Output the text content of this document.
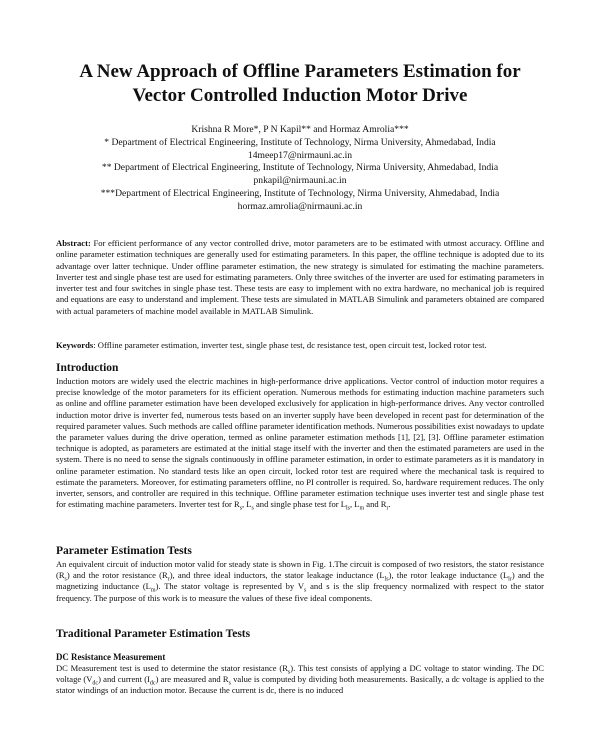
A New Approach of Offline Parameters Estimation for
Vector Controlled Induction Motor Drive
Krishna R More*, P N Kapil** and Hormaz Amrolia***
* Department of Electrical Engineering, Institute of Technology, Nirma University, Ahmedabad, India
14meep17@nirmauni.ac.in
** Department of Electrical Engineering, Institute of Technology, Nirma University, Ahmedabad, India
pnkapil@nirmauni.ac.in
***Department of Electrical Engineering, Institute of Technology, Nirma University, Ahmedabad, India
hormaz.amrolia@nirmauni.ac.in
Abstract: For efficient performance of any vector controlled drive, motor parameters are to be estimated with utmost accuracy. Offline and online parameter estimation techniques are generally used for estimating parameters. In this paper, the offline technique is adopted due to its advantage over latter technique. Under offline parameter estimation, the new strategy is simulated for estimating the machine parameters. Inverter test and single phase test are used for estimating parameters. Only three switches of the inverter are used for estimating parameters in inverter test and four switches in single phase test. These tests are easy to implement with no extra hardware, no mechanical job is required and equations are easy to understand and implement. These tests are simulated in MATLAB Simulink and parameters obtained are compared with actual parameters of machine model available in MATLAB Simulink.
Keywords: Offline parameter estimation, inverter test, single phase test, dc resistance test, open circuit test, locked rotor test.
Introduction
Induction motors are widely used the electric machines in high-performance drive applications. Vector control of induction motor requires a precise knowledge of the motor parameters for its efficient operation. Numerous methods for estimating induction machine parameters such as online and offline parameter estimation have been developed exclusively for application in high-performance drives. Any vector controlled induction motor drive is inverter fed, numerous tests based on an inverter supply have been developed in recent past for determination of the required parameter values. Such methods are called offline parameter identification methods. Numerous possibilities exist nowadays to update the parameter values during the drive operation, termed as online parameter estimation methods [1], [2], [3]. Offline parameter estimation technique is adopted, as parameters are estimated at the initial stage itself with the inverter and then the estimated parameters are used in the system. There is no need to sense the signals continuously in offline parameter estimation, in order to estimate parameters as it is mandatory in online parameter estimation. No standard tests like an open circuit, locked rotor test are required where the mechanical task is required to estimate the parameters. Moreover, for estimating parameters offline, no PI controller is required. So, hardware requirement reduces. The only inverter, sensors, and controller are required in this technique. Offline parameter estimation technique uses inverter test and single phase test for estimating machine parameters. Inverter test for $R_s$, $L_s$ and single phase test for $L_{ls}$, $L_m$ and $R_r$.
Parameter Estimation Tests
An equivalent circuit of induction motor valid for steady state is shown in Fig. 1.The circuit is composed of two resistors, the stator resistance $(R_s)$ and the rotor resistance $(R_r)$, and three ideal inductors, the stator leakage inductance $(L_{ls})$, the rotor leakage inductance $(L_{lr})$ and the magnetizing inductance $(L_m)$. The stator voltage is represented by $V_s$ and s is the slip frequency normalized with respect to the stator frequency. The purpose of this work is to measure the values of these five ideal components.
Traditional Parameter Estimation Tests
DC Resistance Measurement
DC Measurement test is used to determine the stator resistance $(R_s)$. This test consists of applying a DC voltage to stator winding. The DC voltage $(V_{dc})$ and current $(I_{dc})$ are measured and $R_s$ value is computed by dividing both measurements. Basically, a dc voltage is applied to the stator windings of an induction motor. Because the current is dc, there is no induced
